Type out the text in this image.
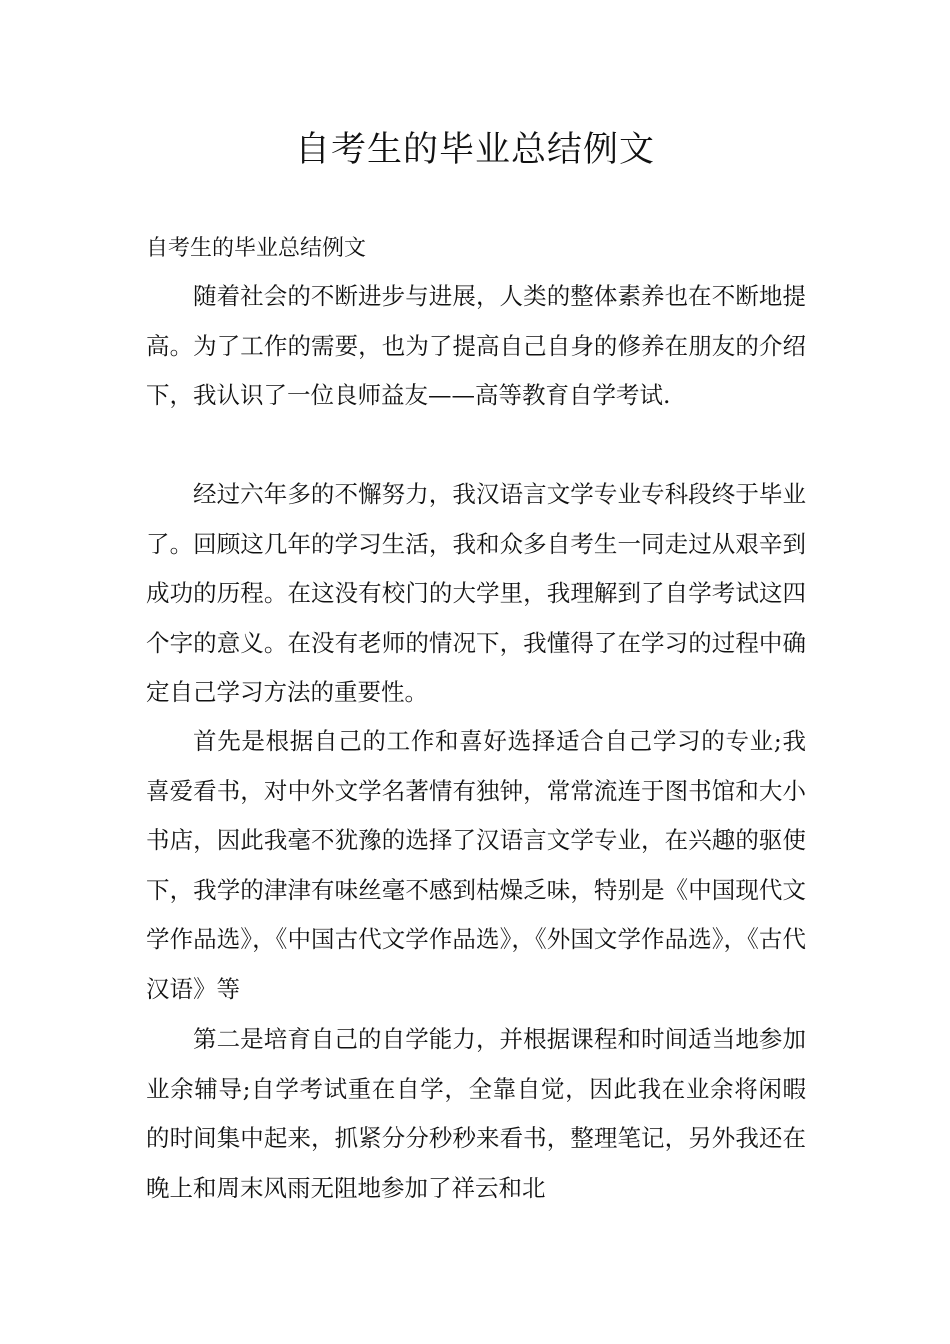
自考生的毕业总结例文

自考生的毕业总结例文

随着社会的不断进步与进展，人类的整体素养也在不断地提高。为了工作的需要，也为了提高自己自身的修养在朋友的介绍下，我认识了一位良师益友——高等教育自学考试.

经过六年多的不懈努力，我汉语言文学专业专科段终于毕业了。回顾这几年的学习生活，我和众多自考生一同走过从艰辛到成功的历程。在这没有校门的大学里，我理解到了自学考试这四个字的意义。在没有老师的情况下，我懂得了在学习的过程中确定自己学习方法的重要性。

首先是根据自己的工作和喜好选择适合自己学习的专业;我喜爱看书，对中外文学名著情有独钟，常常流连于图书馆和大小书店，因此我毫不犹豫的选择了汉语言文学专业，在兴趣的驱使下，我学的津津有味丝毫不感到枯燥乏味，特别是《中国现代文学作品选》，《中国古代文学作品选》，《外国文学作品选》，《古代汉语》等

第二是培育自己的自学能力，并根据课程和时间适当地参加业余辅导;自学考试重在自学，全靠自觉，因此我在业余将闲暇的时间集中起来，抓紧分分秒秒来看书，整理笔记，另外我还在晚上和周末风雨无阻地参加了祥云和北
